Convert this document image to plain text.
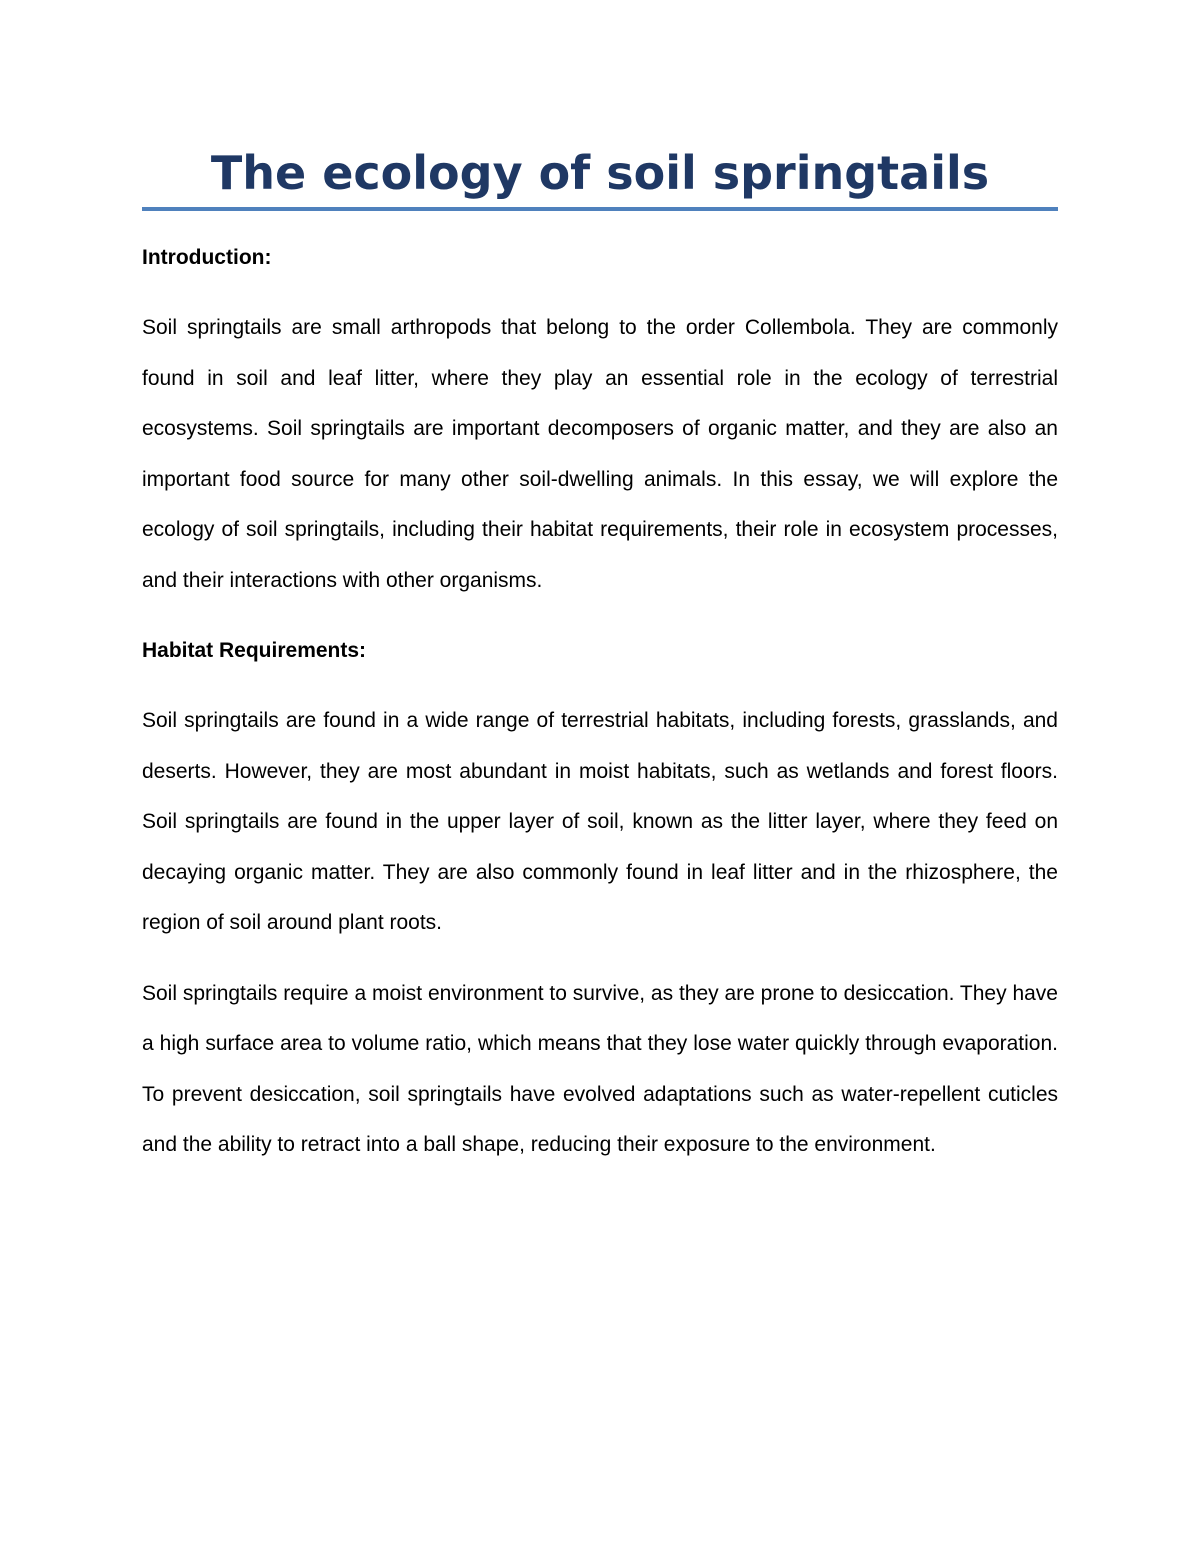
The ecology of soil springtails

Introduction:

Soil springtails are small arthropods that belong to the order Collembola. They are commonly found in soil and leaf litter, where they play an essential role in the ecology of terrestrial ecosystems. Soil springtails are important decomposers of organic matter, and they are also an important food source for many other soil-dwelling animals. In this essay, we will explore the ecology of soil springtails, including their habitat requirements, their role in ecosystem processes, and their interactions with other organisms.

Habitat Requirements:

Soil springtails are found in a wide range of terrestrial habitats, including forests, grasslands, and deserts. However, they are most abundant in moist habitats, such as wetlands and forest floors. Soil springtails are found in the upper layer of soil, known as the litter layer, where they feed on decaying organic matter. They are also commonly found in leaf litter and in the rhizosphere, the region of soil around plant roots.

Soil springtails require a moist environment to survive, as they are prone to desiccation. They have a high surface area to volume ratio, which means that they lose water quickly through evaporation. To prevent desiccation, soil springtails have evolved adaptations such as water-repellent cuticles and the ability to retract into a ball shape, reducing their exposure to the environment.
